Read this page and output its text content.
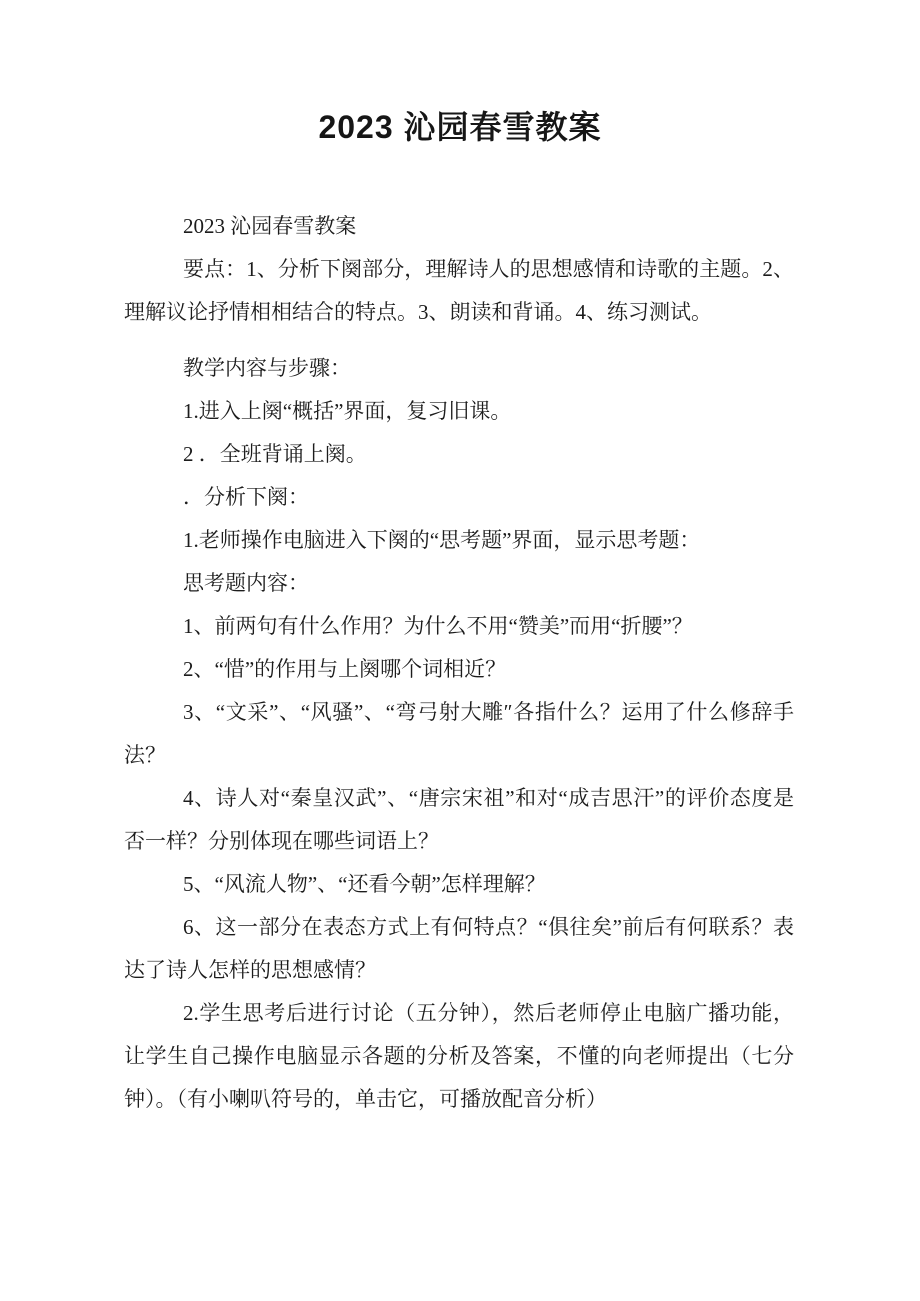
2023 沁园春雪教案

2023 沁园春雪教案

要点：1、分析下阕部分，理解诗人的思想感情和诗歌的主题。2、理解议论抒情相相结合的特点。3、朗读和背诵。4、练习测试。

教学内容与步骤：

1.进入上阕“概括”界面，复习旧课。

2 ．全班背诵上阕。

．分析下阕：

1.老师操作电脑进入下阕的“思考题”界面，显示思考题：

思考题内容：

1、前两句有什么作用？为什么不用“赞美”而用“折腰”？

2、“惜”的作用与上阕哪个词相近？

3、“文采”、“风骚”、“弯弓射大雕″各指什么？运用了什么修辞手法？

4、诗人对“秦皇汉武”、“唐宗宋祖”和对“成吉思汗”的评价态度是否一样？分别体现在哪些词语上？

5、“风流人物”、“还看今朝”怎样理解？

6、这一部分在表态方式上有何特点？“俱往矣”前后有何联系？表达了诗人怎样的思想感情？

2.学生思考后进行讨论（五分钟），然后老师停止电脑广播功能，让学生自己操作电脑显示各题的分析及答案，不懂的向老师提出（七分钟）。（有小喇叭符号的，单击它，可播放配音分析）
